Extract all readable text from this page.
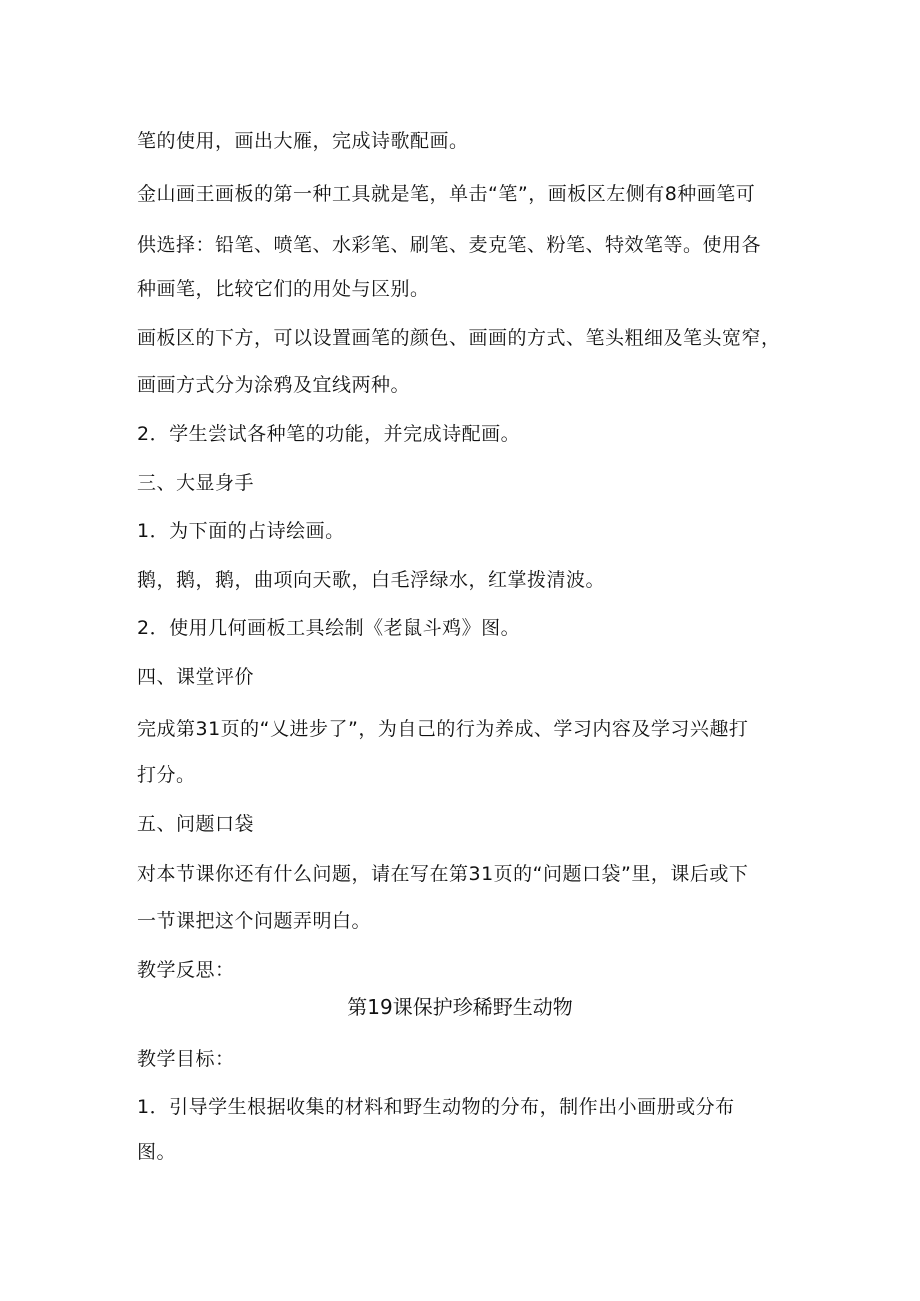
笔的使用，画出大雁，完成诗歌配画。
金山画王画板的第一种工具就是笔，单击“笔”，画板区左侧有8种画笔可
供选择：铅笔、喷笔、水彩笔、刷笔、麦克笔、粉笔、特效笔等。使用各
种画笔，比较它们的用处与区别。
画板区的下方，可以设置画笔的颜色、画画的方式、笔头粗细及笔头宽窄，
画画方式分为涂鸦及宜线两种。
2．学生尝试各种笔的功能，并完成诗配画。
三、大显身手
1．为下面的占诗绘画。
鹅，鹅，鹅，曲项向天歌，白毛浮绿水，红掌拨清波。
2．使用几何画板工具绘制《老鼠斗鸡》图。
四、课堂评价
完成第31页的“乂进步了”，为自己的行为养成、学习内容及学习兴趣打
打分。
五、问题口袋
对本节课你还有什么问题，请在写在第31页的“问题口袋”里，课后或下
一节课把这个问题弄明白。
教学反思：
第19课保护珍稀野生动物
教学目标：
1．引导学生根据收集的材料和野生动物的分布，制作出小画册或分布
图。
